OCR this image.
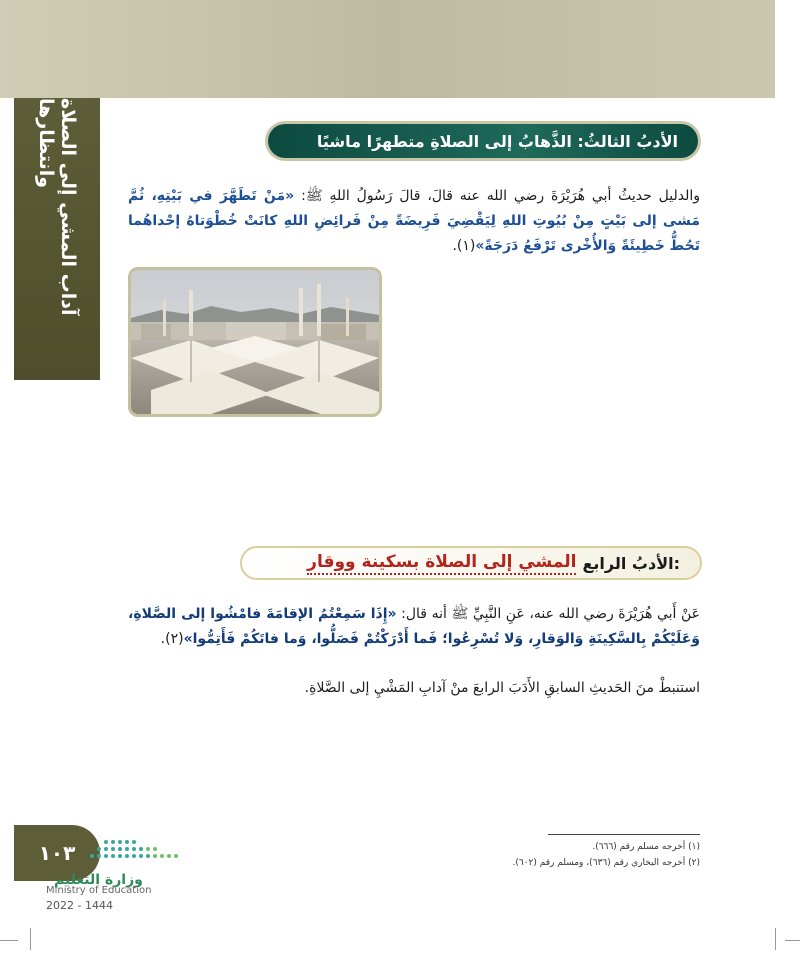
آداب المشي إلى الصلاة وانتظارها	الأدبُ الثالثُ: الذَّهابُ إلى الصلاةِ متطهرًا ماشيًا
والدليل حديثُ أبي هُرَيْرَةَ رضي الله عنه قالَ، قالَ رَسُولُ اللهِ ﷺ: «مَنْ تَطَهَّرَ في بَيْتِهِ، ثُمَّ مَشى إلى بَيْتٍ مِنْ بُيُوتِ اللهِ لِيَقْضِيَ فَرِيضَةً مِنْ فَرائِضِ اللهِ كانَتْ خُطْوَتاهُ إحْداهُما تَحُطُّ خَطِيئَةً وَالأُخْرى تَرْفَعُ دَرَجَةً»(١).
المشي إلى الصلاة بسكينة ووقار الأدبُ الرابع:
عَنْ أَبي هُرَيْرَةَ رضي الله عنه، عَنِ النَّبِيِّ ﷺ أنه قال: «إِذَا سَمِعْتُمُ الإقامَةَ فامْشُوا إلى الصَّلاةِ، وَعَلَيْكُمْ بِالسَّكِينَةِ وَالوَقارِ، وَلا تُسْرِعُوا؛ فَما أَدْرَكْتُمْ فَصَلُّوا، وَما فاتَكُمْ فَأَتِمُّوا»(٢).
استنبطْ منَ الحَديثِ السابقِ الأَدَبَ الرابعَ منْ آدابِ المَشْيِ إلى الصَّلاةِ.
(١) أخرجه مسلم رقم (٦٦٦).
(٢) أخرجه البخاري رقم (٦٣٦)، ومسلم رقم (٦٠٢).
١٠٣
وزارة التعليم
Ministry of Education
2022 - 1444
